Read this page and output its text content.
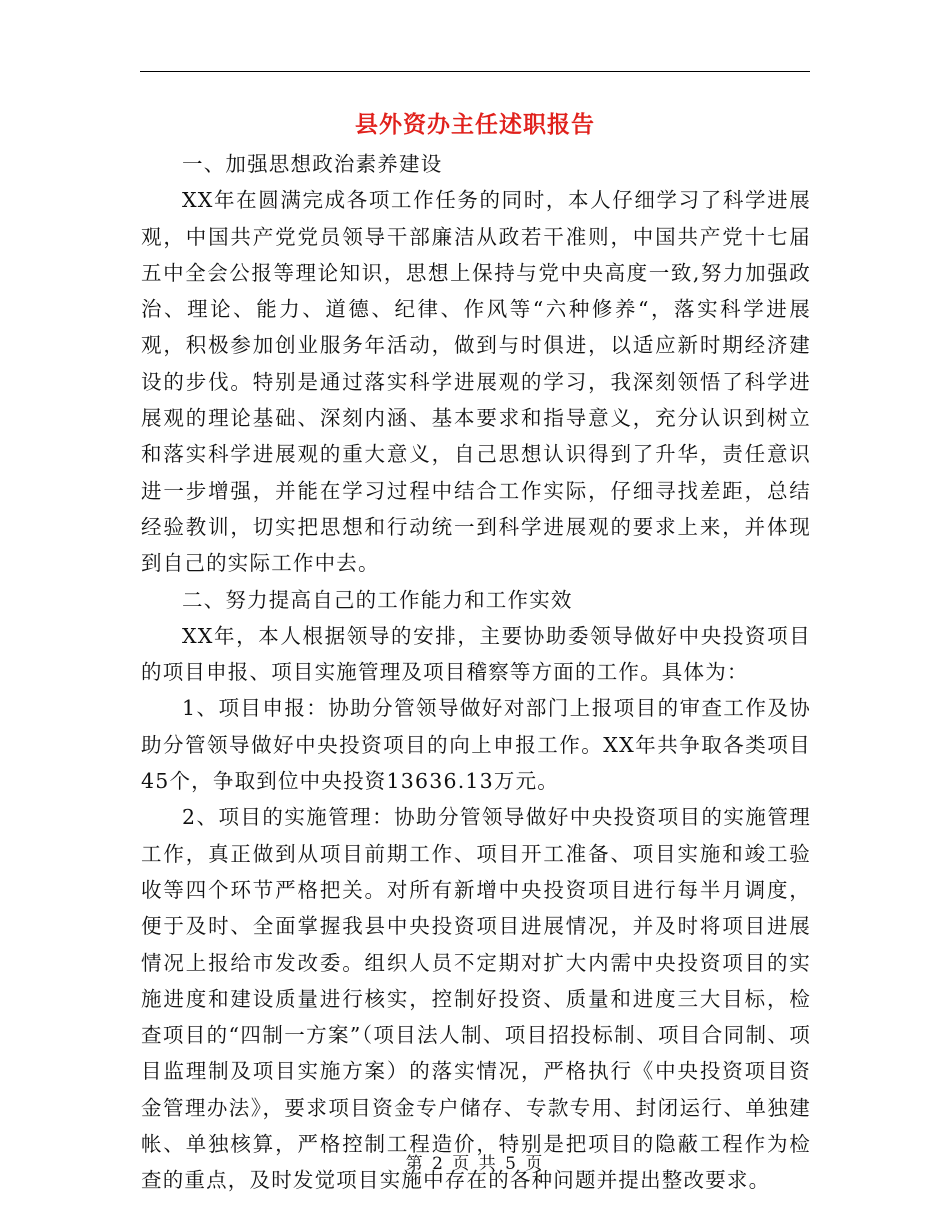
县外资办主任述职报告

一、加强思想政治素养建设

XX年在圆满完成各项工作任务的同时，本人仔细学习了科学进展观，中国共产党党员领导干部廉洁从政若干准则，中国共产党十七届五中全会公报等理论知识，思想上保持与党中央高度一致,努力加强政治、理论、能力、道德、纪律、作风等“六种修养“，落实科学进展观，积极参加创业服务年活动，做到与时俱进，以适应新时期经济建设的步伐。特别是通过落实科学进展观的学习，我深刻领悟了科学进展观的理论基础、深刻内涵、基本要求和指导意义，充分认识到树立和落实科学进展观的重大意义，自己思想认识得到了升华，责任意识进一步增强，并能在学习过程中结合工作实际，仔细寻找差距，总结经验教训，切实把思想和行动统一到科学进展观的要求上来，并体现到自己的实际工作中去。

二、努力提高自己的工作能力和工作实效

XX年，本人根据领导的安排，主要协助委领导做好中央投资项目的项目申报、项目实施管理及项目稽察等方面的工作。具体为：

1、项目申报：协助分管领导做好对部门上报项目的审查工作及协助分管领导做好中央投资项目的向上申报工作。XX年共争取各类项目45个，争取到位中央投资13636.13万元。

2、项目的实施管理：协助分管领导做好中央投资项目的实施管理工作，真正做到从项目前期工作、项目开工准备、项目实施和竣工验收等四个环节严格把关。对所有新增中央投资项目进行每半月调度，便于及时、全面掌握我县中央投资项目进展情况，并及时将项目进展情况上报给市发改委。组织人员不定期对扩大内需中央投资项目的实施进度和建设质量进行核实，控制好投资、质量和进度三大目标，检查项目的“四制一方案”（项目法人制、项目招投标制、项目合同制、项目监理制及项目实施方案）的落实情况，严格执行《中央投资项目资金管理办法》，要求项目资金专户储存、专款专用、封闭运行、单独建帐、单独核算，严格控制工程造价，特别是把项目的隐蔽工程作为检查的重点，及时发觉项目实施中存在的各种问题并提出整改要求。

第 2 页 共 5 页
